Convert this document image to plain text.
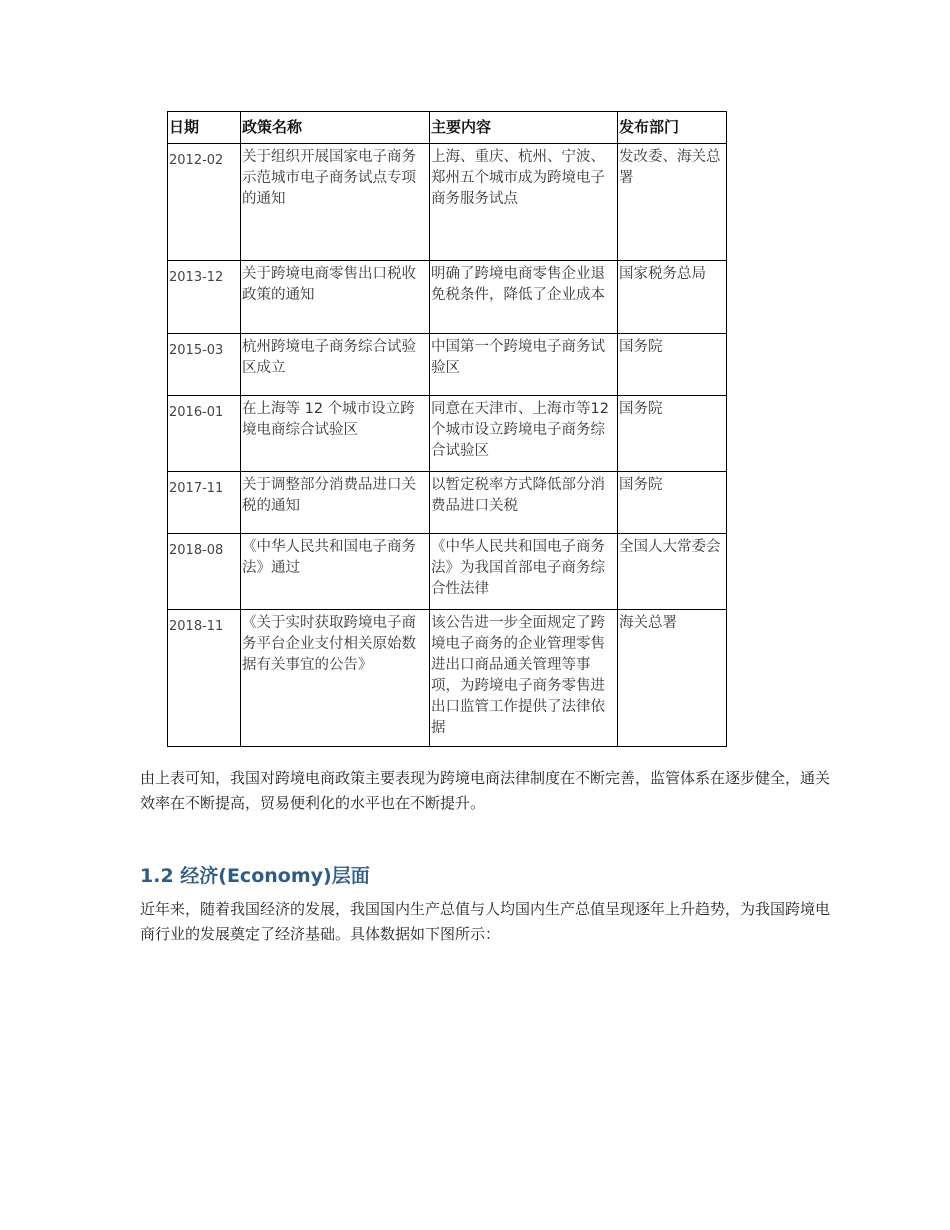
日期	政策名称	主要内容	发布部门
2012-02	关于组织开展国家电子商务示范城市电子商务试点专项的通知	上海、重庆、杭州、宁波、郑州五个城市成为跨境电子商务服务试点	发改委、海关总署
2013-12	关于跨境电商零售出口税收政策的通知	明确了跨境电商零售企业退免税条件，降低了企业成本	国家税务总局
2015-03	杭州跨境电子商务综合试验区成立	中国第一个跨境电子商务试验区	国务院
2016-01	在上海等 12 个城市设立跨境电商综合试验区	同意在天津市、上海市等12个城市设立跨境电子商务综合试验区	国务院
2017-11	关于调整部分消费品进口关税的通知	以暂定税率方式降低部分消费品进口关税	国务院
2018-08	《中华人民共和国电子商务法》通过	《中华人民共和国电子商务法》为我国首部电子商务综合性法律	全国人大常委会
2018-11	《关于实时获取跨境电子商务平台企业支付相关原始数据有关事宜的公告》	该公告进一步全面规定了跨境电子商务的企业管理零售进出口商品通关管理等事项，为跨境电子商务零售进出口监管工作提供了法律依据	海关总署

由上表可知，我国对跨境电商政策主要表现为跨境电商法律制度在不断完善，监管体系在逐步健全，通关效率在不断提高，贸易便利化的水平也在不断提升。

1.2 经济(Economy)层面

近年来，随着我国经济的发展，我国国内生产总值与人均国内生产总值呈现逐年上升趋势，为我国跨境电商行业的发展奠定了经济基础。具体数据如下图所示：
